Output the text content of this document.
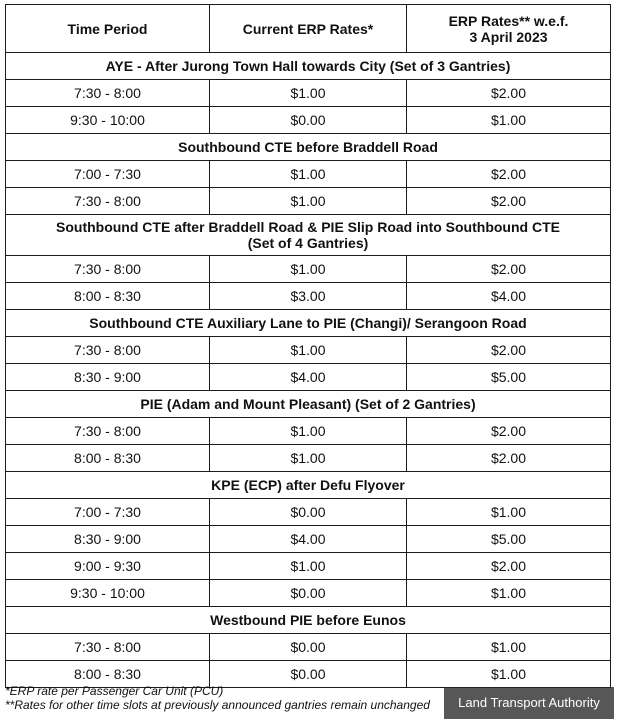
Time Period	Current ERP Rates*	ERP Rates** w.e.f.
3 April 2023
AYE - After Jurong Town Hall towards City (Set of 3 Gantries)		
7:30 - 8:00	$1.00	$2.00
9:30 - 10:00	$0.00	$1.00
Southbound CTE before Braddell Road		
7:00 - 7:30	$1.00	$2.00
7:30 - 8:00	$1.00	$2.00
Southbound CTE after Braddell Road & PIE Slip Road into Southbound CTE
(Set of 4 Gantries)		
7:30 - 8:00	$1.00	$2.00
8:00 - 8:30	$3.00	$4.00
Southbound CTE Auxiliary Lane to PIE (Changi)/ Serangoon Road		
7:30 - 8:00	$1.00	$2.00
8:30 - 9:00	$4.00	$5.00
PIE (Adam and Mount Pleasant) (Set of 2 Gantries)		
7:30 - 8:00	$1.00	$2.00
8:00 - 8:30	$1.00	$2.00
KPE (ECP) after Defu Flyover		
7:00 - 7:30	$0.00	$1.00
8:30 - 9:00	$4.00	$5.00
9:00 - 9:30	$1.00	$2.00
9:30 - 10:00	$0.00	$1.00
Westbound PIE before Eunos		
7:30 - 8:00	$0.00	$1.00
8:00 - 8:30	$0.00	$1.00
*ERP rate per Passenger Car Unit (PCU)
**Rates for other time slots at previously announced gantries remain unchanged	Land Transport Authority
